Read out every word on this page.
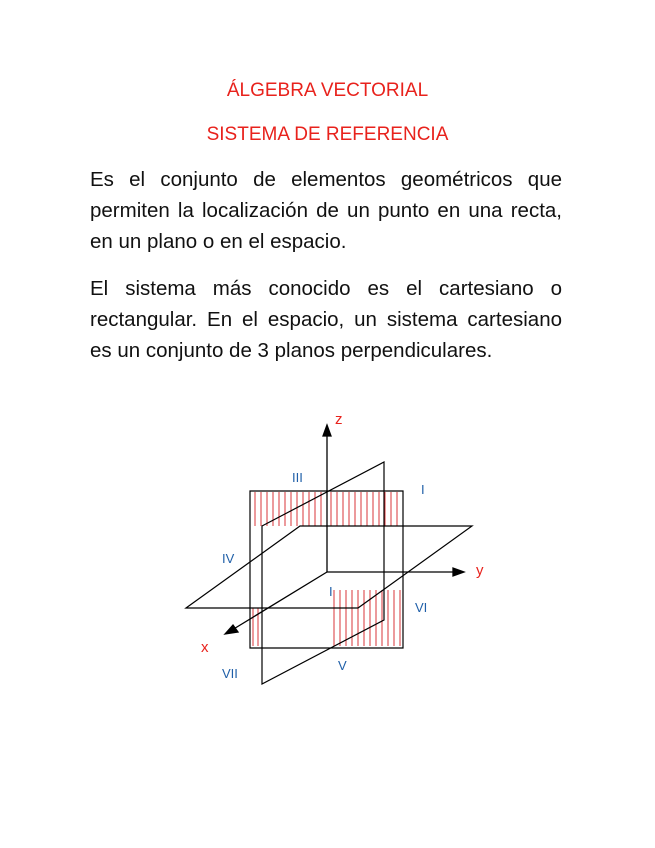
ÁLGEBRA VECTORIAL
SISTEMA DE REFERENCIA

Es el conjunto de elementos geométricos que permiten la localización de un punto en una recta, en un plano o en el espacio.

El sistema más conocido es el cartesiano o rectangular. En el espacio, un sistema cartesiano es un conjunto de 3 planos perpendiculares.

z
y
x
III
I
IV
I
VI
VII
V
